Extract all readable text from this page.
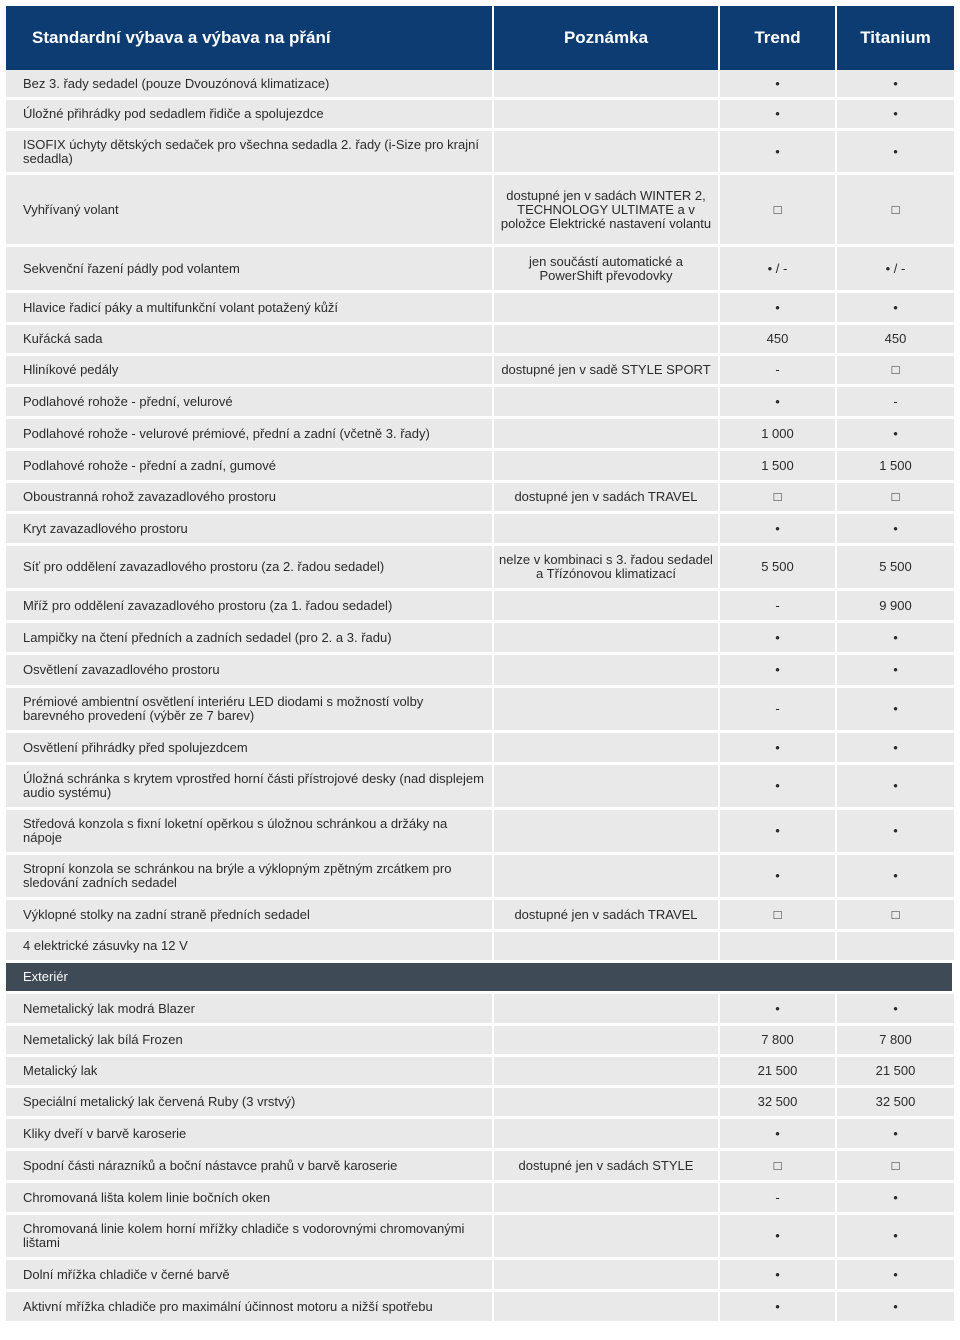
Standardní výbava a výbava na přání	Poznámka	Trend	Titanium
Bez 3. řady sedadel (pouze Dvouzónová klimatizace)		•	•
Úložné přihrádky pod sedadlem řidiče a spolujezdce		•	•
ISOFIX úchyty dětských sedaček pro všechna sedadla 2. řady (i-Size pro krajní sedadla)		•	•
Vyhřívaný volant	dostupné jen v sadách WINTER 2, TECHNOLOGY ULTIMATE a v položce Elektrické nastavení volantu	□	□
Sekvenční řazení pádly pod volantem	jen součástí automatické a PowerShift převodovky	• / -	• / -
Hlavice řadicí páky a multifunkční volant potažený kůží		•	•
Kuřácká sada		450	450
Hliníkové pedály	dostupné jen v sadě STYLE SPORT	-	□
Podlahové rohože - přední, velurové		•	-
Podlahové rohože - velurové prémiové, přední a zadní (včetně 3. řady)		1 000	•
Podlahové rohože - přední a zadní, gumové		1 500	1 500
Oboustranná rohož zavazadlového prostoru	dostupné jen v sadách TRAVEL	□	□
Kryt zavazadlového prostoru		•	•
Síť pro oddělení zavazadlového prostoru (za 2. řadou sedadel)	nelze v kombinaci s 3. řadou sedadel a Třízónovou klimatizací	5 500	5 500
Mříž pro oddělení zavazadlového prostoru (za 1. řadou sedadel)		-	9 900
Lampičky na čtení předních a zadních sedadel (pro 2. a 3. řadu)		•	•
Osvětlení zavazadlového prostoru		•	•
Prémiové ambientní osvětlení interiéru LED diodami s možností volby barevného provedení (výběr ze 7 barev)		-	•
Osvětlení přihrádky před spolujezdcem		•	•
Úložná schránka s krytem vprostřed horní části přístrojové desky (nad displejem audio systému)		•	•
Středová konzola s fixní loketní opěrkou s úložnou schránkou a držáky na nápoje		•	•
Stropní konzola se schránkou na brýle a výklopným zpětným zrcátkem pro sledování zadních sedadel		•	•
Výklopné stolky na zadní straně předních sedadel	dostupné jen v sadách TRAVEL	□	□
4 elektrické zásuvky na 12 V			
Exteriér			
Nemetalický lak modrá Blazer		•	•
Nemetalický lak bílá Frozen		7 800	7 800
Metalický lak		21 500	21 500
Speciální metalický lak červená Ruby (3 vrstvý)		32 500	32 500
Kliky dveří v barvě karoserie		•	•
Spodní části nárazníků a boční nástavce prahů v barvě karoserie	dostupné jen v sadách STYLE	□	□
Chromovaná lišta kolem linie bočních oken		-	•
Chromovaná linie kolem horní mřížky chladiče s vodorovnými chromovanými lištami		•	•
Dolní mřížka chladiče v černé barvě		•	•
Aktivní mřížka chladiče pro maximální účinnost motoru a nižší spotřebu		•	•
